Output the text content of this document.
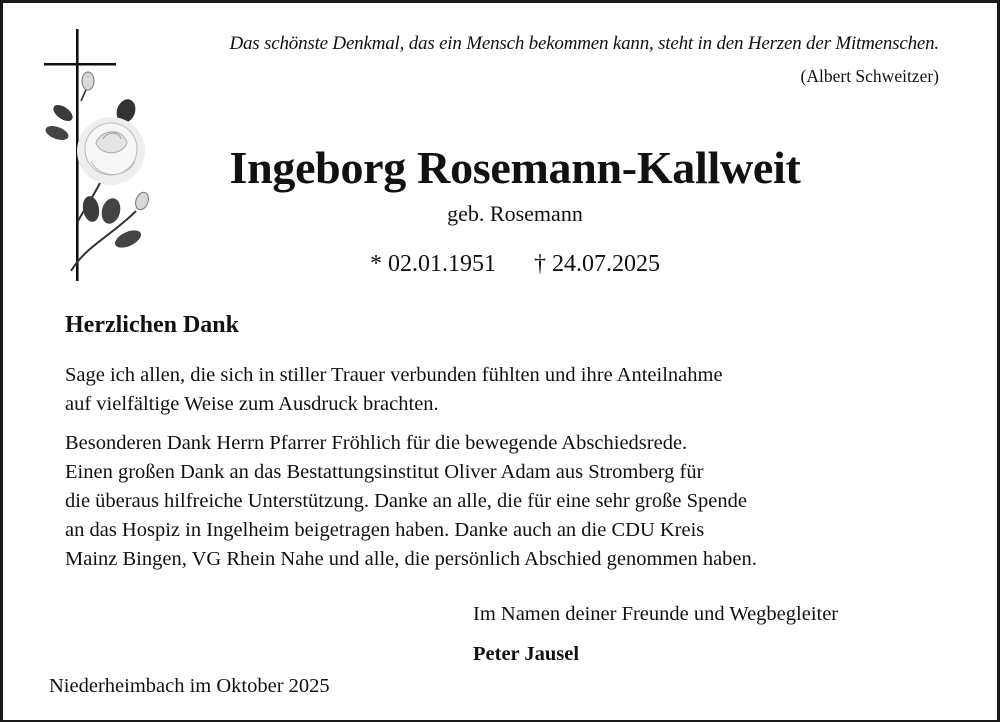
Das schönste Denkmal, das ein Mensch bekommen kann, steht in den Herzen der Mitmenschen.
(Albert Schweitzer)
Ingeborg Rosemann-Kallweit
geb. Rosemann
* 02.01.1951 † 24.07.2025
Herzlichen Dank
Sage ich allen, die sich in stiller Trauer verbunden fühlten und ihre Anteilnahme
auf vielfältige Weise zum Ausdruck brachten.
Besonderen Dank Herrn Pfarrer Fröhlich für die bewegende Abschiedsrede.
Einen großen Dank an das Bestattungsinstitut Oliver Adam aus Stromberg für
die überaus hilfreiche Unterstützung. Danke an alle, die für eine sehr große Spende
an das Hospiz in Ingelheim beigetragen haben. Danke auch an die CDU Kreis
Mainz Bingen, VG Rhein Nahe und alle, die persönlich Abschied genommen haben.
Im Namen deiner Freunde und Wegbegleiter
Peter Jausel
Niederheimbach im Oktober 2025
